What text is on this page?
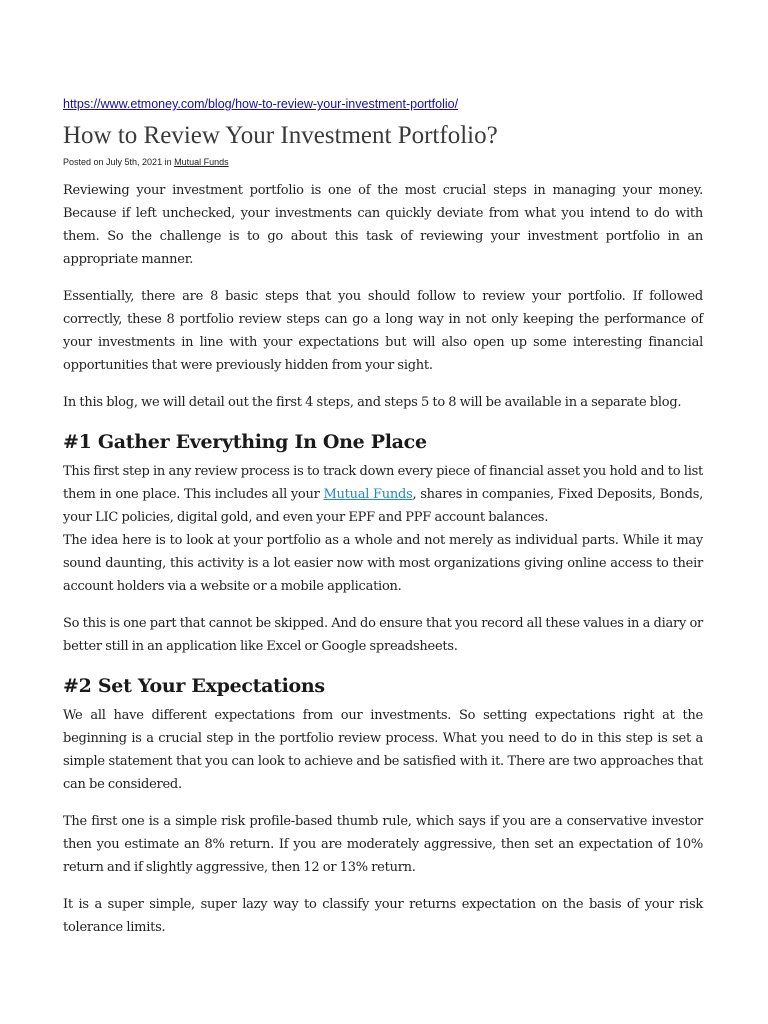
https://www.etmoney.com/blog/how-to-review-your-investment-portfolio/
How to Review Your Investment Portfolio?
Posted on July 5th, 2021 in Mutual Funds

Reviewing your investment portfolio is one of the most crucial steps in managing your money. Because if left unchecked, your investments can quickly deviate from what you intend to do with them. So the challenge is to go about this task of reviewing your investment portfolio in an appropriate manner.

Essentially, there are 8 basic steps that you should follow to review your portfolio. If followed correctly, these 8 portfolio review steps can go a long way in not only keeping the performance of your investments in line with your expectations but will also open up some interesting financial opportunities that were previously hidden from your sight.

In this blog, we will detail out the first 4 steps, and steps 5 to 8 will be available in a separate blog.

#1 Gather Everything In One Place

This first step in any review process is to track down every piece of financial asset you hold and to list them in one place. This includes all your Mutual Funds, shares in companies, Fixed Deposits, Bonds, your LIC policies, digital gold, and even your EPF and PPF account balances.

The idea here is to look at your portfolio as a whole and not merely as individual parts. While it may sound daunting, this activity is a lot easier now with most organizations giving online access to their account holders via a website or a mobile application.

So this is one part that cannot be skipped. And do ensure that you record all these values in a diary or better still in an application like Excel or Google spreadsheets.

#2 Set Your Expectations

We all have different expectations from our investments. So setting expectations right at the beginning is a crucial step in the portfolio review process. What you need to do in this step is set a simple statement that you can look to achieve and be satisfied with it. There are two approaches that can be considered.

The first one is a simple risk profile-based thumb rule, which says if you are a conservative investor then you estimate an 8% return. If you are moderately aggressive, then set an expectation of 10% return and if slightly aggressive, then 12 or 13% return.

It is a super simple, super lazy way to classify your returns expectation on the basis of your risk tolerance limits.
